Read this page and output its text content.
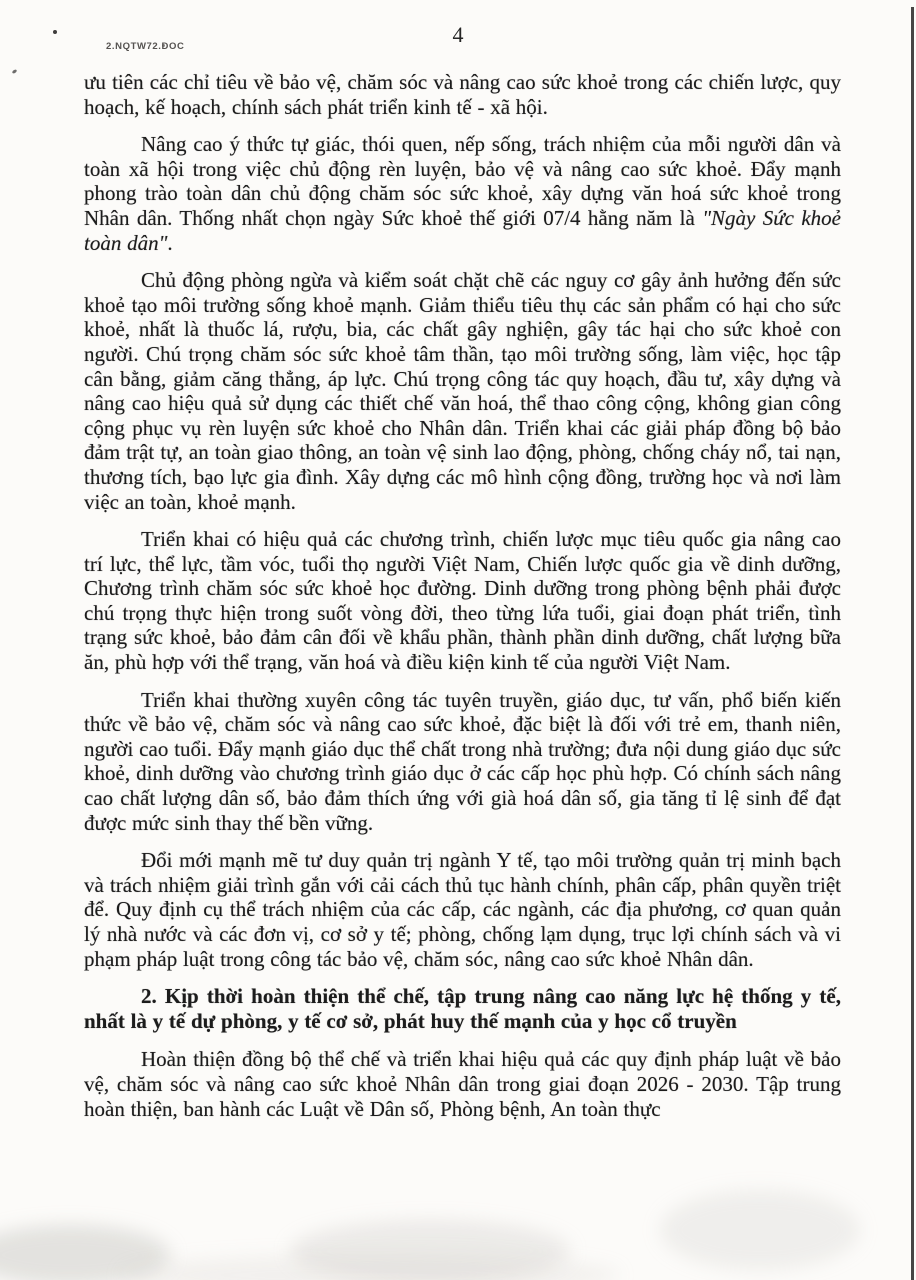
2.NQTW72.DOC	4

ưu tiên các chỉ tiêu về bảo vệ, chăm sóc và nâng cao sức khoẻ trong các chiến lược, quy hoạch, kế hoạch, chính sách phát triển kinh tế - xã hội.

Nâng cao ý thức tự giác, thói quen, nếp sống, trách nhiệm của mỗi người dân và toàn xã hội trong việc chủ động rèn luyện, bảo vệ và nâng cao sức khoẻ. Đẩy mạnh phong trào toàn dân chủ động chăm sóc sức khoẻ, xây dựng văn hoá sức khoẻ trong Nhân dân. Thống nhất chọn ngày Sức khoẻ thế giới 07/4 hằng năm là "Ngày Sức khoẻ toàn dân".

Chủ động phòng ngừa và kiểm soát chặt chẽ các nguy cơ gây ảnh hưởng đến sức khoẻ tạo môi trường sống khoẻ mạnh. Giảm thiểu tiêu thụ các sản phẩm có hại cho sức khoẻ, nhất là thuốc lá, rượu, bia, các chất gây nghiện, gây tác hại cho sức khoẻ con người. Chú trọng chăm sóc sức khoẻ tâm thần, tạo môi trường sống, làm việc, học tập cân bằng, giảm căng thẳng, áp lực. Chú trọng công tác quy hoạch, đầu tư, xây dựng và nâng cao hiệu quả sử dụng các thiết chế văn hoá, thể thao công cộng, không gian công cộng phục vụ rèn luyện sức khoẻ cho Nhân dân. Triển khai các giải pháp đồng bộ bảo đảm trật tự, an toàn giao thông, an toàn vệ sinh lao động, phòng, chống cháy nổ, tai nạn, thương tích, bạo lực gia đình. Xây dựng các mô hình cộng đồng, trường học và nơi làm việc an toàn, khoẻ mạnh.

Triển khai có hiệu quả các chương trình, chiến lược mục tiêu quốc gia nâng cao trí lực, thể lực, tầm vóc, tuổi thọ người Việt Nam, Chiến lược quốc gia về dinh dưỡng, Chương trình chăm sóc sức khoẻ học đường. Dinh dưỡng trong phòng bệnh phải được chú trọng thực hiện trong suốt vòng đời, theo từng lứa tuổi, giai đoạn phát triển, tình trạng sức khoẻ, bảo đảm cân đối về khẩu phần, thành phần dinh dưỡng, chất lượng bữa ăn, phù hợp với thể trạng, văn hoá và điều kiện kinh tế của người Việt Nam.

Triển khai thường xuyên công tác tuyên truyền, giáo dục, tư vấn, phổ biến kiến thức về bảo vệ, chăm sóc và nâng cao sức khoẻ, đặc biệt là đối với trẻ em, thanh niên, người cao tuổi. Đẩy mạnh giáo dục thể chất trong nhà trường; đưa nội dung giáo dục sức khoẻ, dinh dưỡng vào chương trình giáo dục ở các cấp học phù hợp. Có chính sách nâng cao chất lượng dân số, bảo đảm thích ứng với già hoá dân số, gia tăng tỉ lệ sinh để đạt được mức sinh thay thế bền vững.

Đổi mới mạnh mẽ tư duy quản trị ngành Y tế, tạo môi trường quản trị minh bạch và trách nhiệm giải trình gắn với cải cách thủ tục hành chính, phân cấp, phân quyền triệt để. Quy định cụ thể trách nhiệm của các cấp, các ngành, các địa phương, cơ quan quản lý nhà nước và các đơn vị, cơ sở y tế; phòng, chống lạm dụng, trục lợi chính sách và vi phạm pháp luật trong công tác bảo vệ, chăm sóc, nâng cao sức khoẻ Nhân dân.

2. Kịp thời hoàn thiện thể chế, tập trung nâng cao năng lực hệ thống y tế, nhất là y tế dự phòng, y tế cơ sở, phát huy thế mạnh của y học cổ truyền

Hoàn thiện đồng bộ thể chế và triển khai hiệu quả các quy định pháp luật về bảo vệ, chăm sóc và nâng cao sức khoẻ Nhân dân trong giai đoạn 2026 - 2030. Tập trung hoàn thiện, ban hành các Luật về Dân số, Phòng bệnh, An toàn thực
